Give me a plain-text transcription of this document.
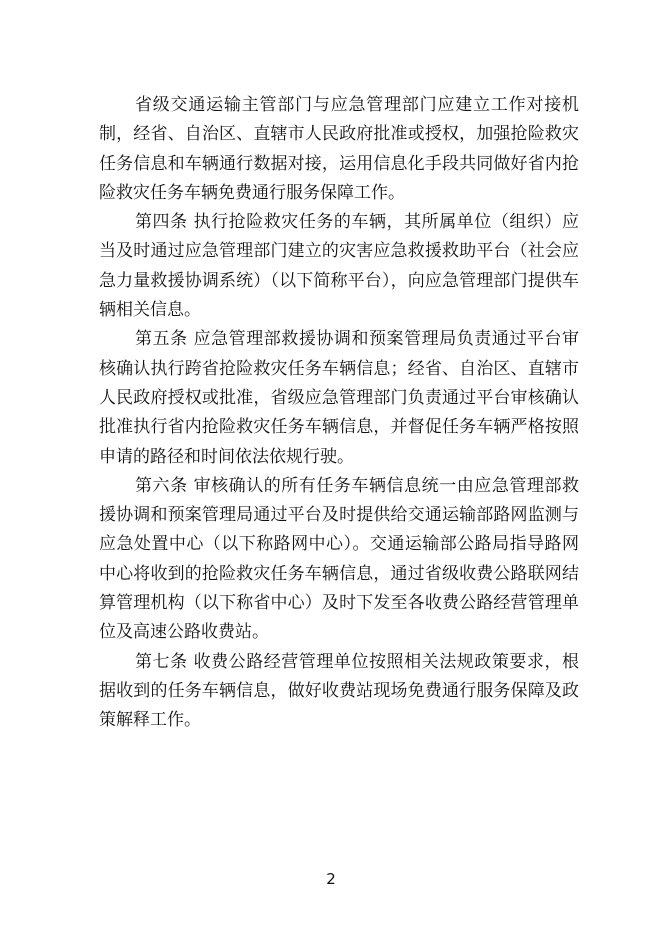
省级交通运输主管部门与应急管理部门应建立工作对接机制，经省、自治区、直辖市人民政府批准或授权，加强抢险救灾任务信息和车辆通行数据对接，运用信息化手段共同做好省内抢险救灾任务车辆免费通行服务保障工作。

第四条 执行抢险救灾任务的车辆，其所属单位（组织）应当及时通过应急管理部门建立的灾害应急救援救助平台（社会应急力量救援协调系统）（以下简称平台），向应急管理部门提供车辆相关信息。

第五条 应急管理部救援协调和预案管理局负责通过平台审核确认执行跨省抢险救灾任务车辆信息；经省、自治区、直辖市人民政府授权或批准，省级应急管理部门负责通过平台审核确认批准执行省内抢险救灾任务车辆信息，并督促任务车辆严格按照申请的路径和时间依法依规行驶。

第六条 审核确认的所有任务车辆信息统一由应急管理部救援协调和预案管理局通过平台及时提供给交通运输部路网监测与应急处置中心（以下称路网中心）。交通运输部公路局指导路网中心将收到的抢险救灾任务车辆信息，通过省级收费公路联网结算管理机构（以下称省中心）及时下发至各收费公路经营管理单位及高速公路收费站。

第七条 收费公路经营管理单位按照相关法规政策要求，根据收到的任务车辆信息，做好收费站现场免费通行服务保障及政策解释工作。

2
